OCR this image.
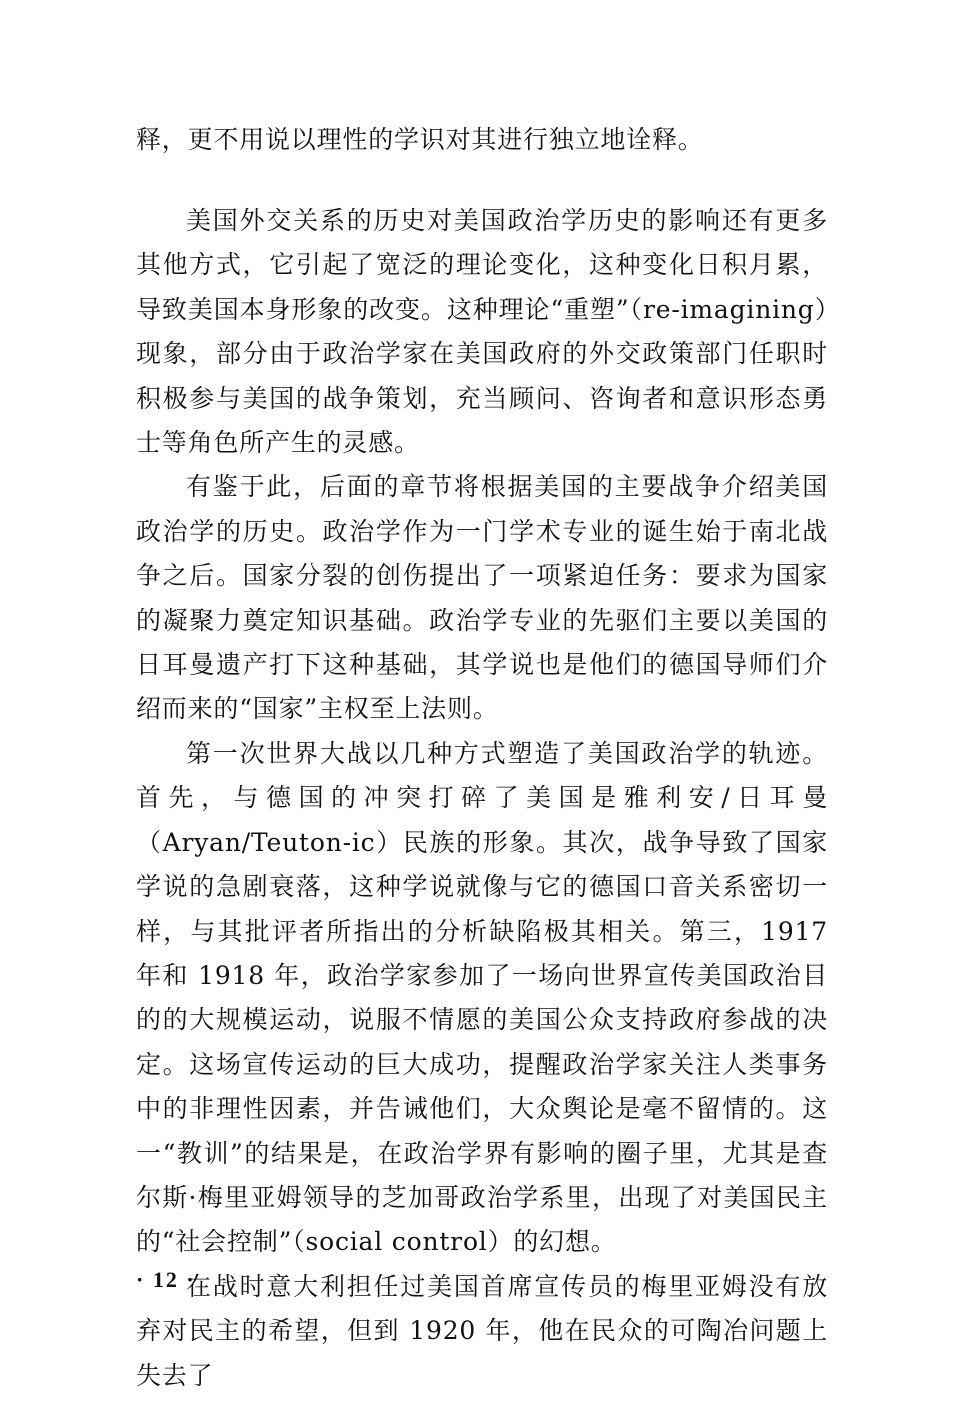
释，更不用说以理性的学识对其进行独立地诠释。

美国外交关系的历史对美国政治学历史的影响还有更多其他方式，它引起了宽泛的理论变化，这种变化日积月累，导致美国本身形象的改变。这种理论“重塑”（re-imagining）现象，部分由于政治学家在美国政府的外交政策部门任职时积极参与美国的战争策划，充当顾问、咨询者和意识形态勇士等角色所产生的灵感。

有鉴于此，后面的章节将根据美国的主要战争介绍美国政治学的历史。政治学作为一门学术专业的诞生始于南北战争之后。国家分裂的创伤提出了一项紧迫任务：要求为国家的凝聚力奠定知识基础。政治学专业的先驱们主要以美国的日耳曼遗产打下这种基础，其学说也是他们的德国导师们介绍而来的“国家”主权至上法则。

第一次世界大战以几种方式塑造了美国政治学的轨迹。首先，与德国的冲突打碎了美国是雅利安/日耳曼（Aryan/Teuton-ic）民族的形象。其次，战争导致了国家学说的急剧衰落，这种学说就像与它的德国口音关系密切一样，与其批评者所指出的分析缺陷极其相关。第三，1917 年和 1918 年，政治学家参加了一场向世界宣传美国政治目的的大规模运动，说服不情愿的美国公众支持政府参战的决定。这场宣传运动的巨大成功，提醒政治学家关注人类事务中的非理性因素，并告诫他们，大众舆论是毫不留情的。这一“教训”的结果是，在政治学界有影响的圈子里，尤其是查尔斯·梅里亚姆领导的芝加哥政治学系里，出现了对美国民主的“社会控制”（social control）的幻想。

在战时意大利担任过美国首席宣传员的梅里亚姆没有放弃对民主的希望，但到 1920 年，他在民众的可陶冶问题上失去了

· 12 ·
